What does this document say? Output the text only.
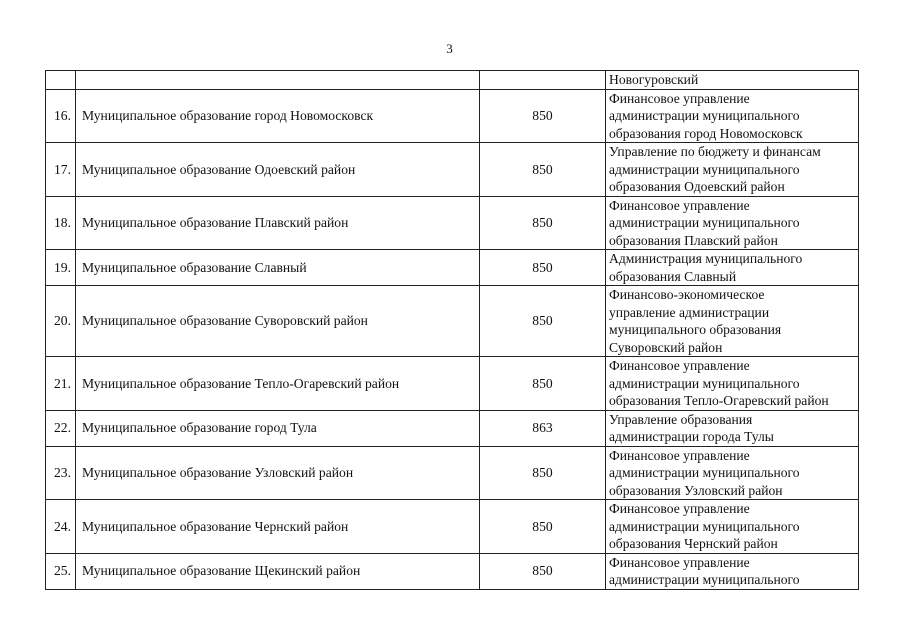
3

			Новогуровский

16.	Муниципальное образование город Новомосковск	850	Финансовое управление
администрации муниципального
образования город Новомосковск

17.	Муниципальное образование Одоевский район	850	Управление по бюджету и финансам
администрации муниципального
образования Одоевский район

18.	Муниципальное образование Плавский район	850	Финансовое управление
администрации муниципального
образования Плавский район

19.	Муниципальное образование Славный	850	Администрация муниципального
образования Славный

20.	Муниципальное образование Суворовский район	850	Финансово-экономическое
управление администрации
муниципального образования
Суворовский район

21.	Муниципальное образование Тепло-Огаревский район	850	Финансовое управление
администрации муниципального
образования Тепло-Огаревский район

22.	Муниципальное образование город Тула	863	Управление образования
администрации города Тулы

23.	Муниципальное образование Узловский район	850	Финансовое управление
администрации муниципального
образования Узловский район

24.	Муниципальное образование Чернский район	850	Финансовое управление
администрации муниципального
образования Чернский район

25.	Муниципальное образование Щекинский район	850	Финансовое управление
администрации муниципального
